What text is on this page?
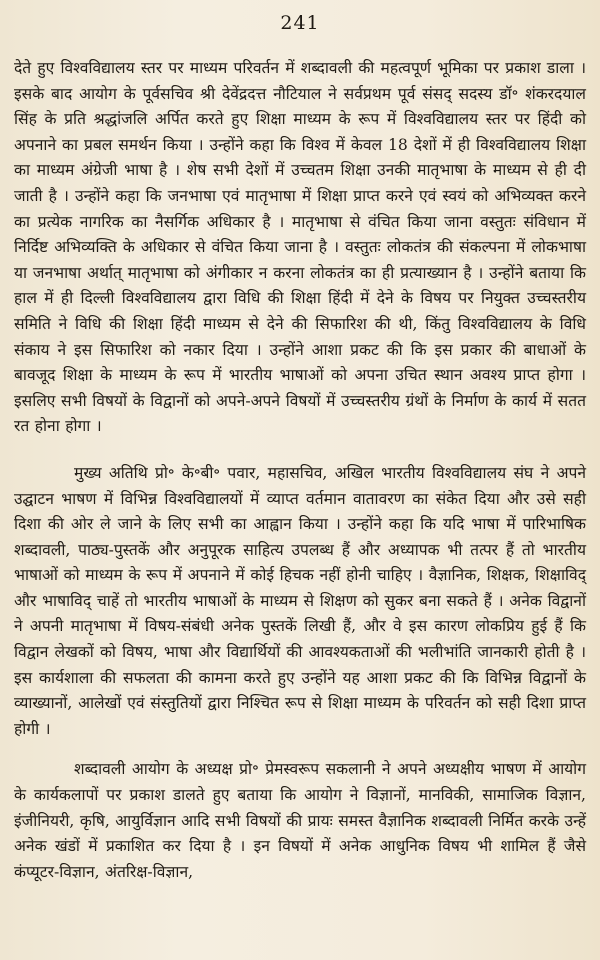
241

देते हुए विश्वविद्यालय स्तर पर माध्यम परिवर्तन में शब्दावली की महत्वपूर्ण भूमिका पर प्रकाश डाला । इसके बाद आयोग के पूर्वसचिव श्री देवेंद्रदत्त नौटियाल ने सर्वप्रथम पूर्व संसद् सदस्य डॉ॰ शंकरदयाल सिंह के प्रति श्रद्धांजलि अर्पित करते हुए शिक्षा माध्यम के रूप में विश्वविद्यालय स्तर पर हिंदी को अपनाने का प्रबल समर्थन किया । उन्होंने कहा कि विश्व में केवल 18 देशों में ही विश्वविद्यालय शिक्षा का माध्यम अंग्रेजी भाषा है । शेष सभी देशों में उच्चतम शिक्षा उनकी मातृभाषा के माध्यम से ही दी जाती है । उन्होंने कहा कि जनभाषा एवं मातृभाषा में शिक्षा प्राप्त करने एवं स्वयं को अभिव्यक्त करने का प्रत्येक नागरिक का नैसर्गिक अधिकार है । मातृभाषा से वंचित किया जाना वस्तुतः संविधान में निर्दिष्ट अभिव्यक्ति के अधिकार से वंचित किया जाना है । वस्तुतः लोकतंत्र की संकल्पना में लोकभाषा या जनभाषा अर्थात् मातृभाषा को अंगीकार न करना लोकतंत्र का ही प्रत्याख्यान है । उन्होंने बताया कि हाल में ही दिल्ली विश्वविद्यालय द्वारा विधि की शिक्षा हिंदी में देने के विषय पर नियुक्त उच्चस्तरीय समिति ने विधि की शिक्षा हिंदी माध्यम से देने की सिफारिश की थी, किंतु विश्वविद्यालय के विधि संकाय ने इस सिफारिश को नकार दिया । उन्होंने आशा प्रकट की कि इस प्रकार की बाधाओं के बावजूद शिक्षा के माध्यम के रूप में भारतीय भाषाओं को अपना उचित स्थान अवश्य प्राप्त होगा । इसलिए सभी विषयों के विद्वानों को अपने-अपने विषयों में उच्चस्तरीय ग्रंथों के निर्माण के कार्य में सतत रत होना होगा ।

मुख्य अतिथि प्रो॰ के॰बी॰ पवार, महासचिव, अखिल भारतीय विश्वविद्यालय संघ ने अपने उद्घाटन भाषण में विभिन्न विश्वविद्यालयों में व्याप्त वर्तमान वातावरण का संकेत दिया और उसे सही दिशा की ओर ले जाने के लिए सभी का आह्वान किया । उन्होंने कहा कि यदि भाषा में पारिभाषिक शब्दावली, पाठ्य-पुस्तकें और अनुपूरक साहित्य उपलब्ध हैं और अध्यापक भी तत्पर हैं तो भारतीय भाषाओं को माध्यम के रूप में अपनाने में कोई हिचक नहीं होनी चाहिए । वैज्ञानिक, शिक्षक, शिक्षाविद् और भाषाविद् चाहें तो भारतीय भाषाओं के माध्यम से शिक्षण को सुकर बना सकते हैं । अनेक विद्वानों ने अपनी मातृभाषा में विषय-संबंधी अनेक पुस्तकें लिखी हैं, और वे इस कारण लोकप्रिय हुई हैं कि विद्वान लेखकों को विषय, भाषा और विद्यार्थियों की आवश्यकताओं की भलीभांति जानकारी होती है । इस कार्यशाला की सफलता की कामना करते हुए उन्होंने यह आशा प्रकट की कि विभिन्न विद्वानों के व्याख्यानों, आलेखों एवं संस्तुतियों द्वारा निश्चित रूप से शिक्षा माध्यम के परिवर्तन को सही दिशा प्राप्त होगी ।

शब्दावली आयोग के अध्यक्ष प्रो॰ प्रेमस्वरूप सकलानी ने अपने अध्यक्षीय भाषण में आयोग के कार्यकलापों पर प्रकाश डालते हुए बताया कि आयोग ने विज्ञानों, मानविकी, सामाजिक विज्ञान, इंजीनियरी, कृषि, आयुर्विज्ञान आदि सभी विषयों की प्रायः समस्त वैज्ञानिक शब्दावली निर्मित करके उन्हें अनेक खंडों में प्रकाशित कर दिया है । इन विषयों में अनेक आधुनिक विषय भी शामिल हैं जैसे कंप्यूटर-विज्ञान, अंतरिक्ष-विज्ञान,
